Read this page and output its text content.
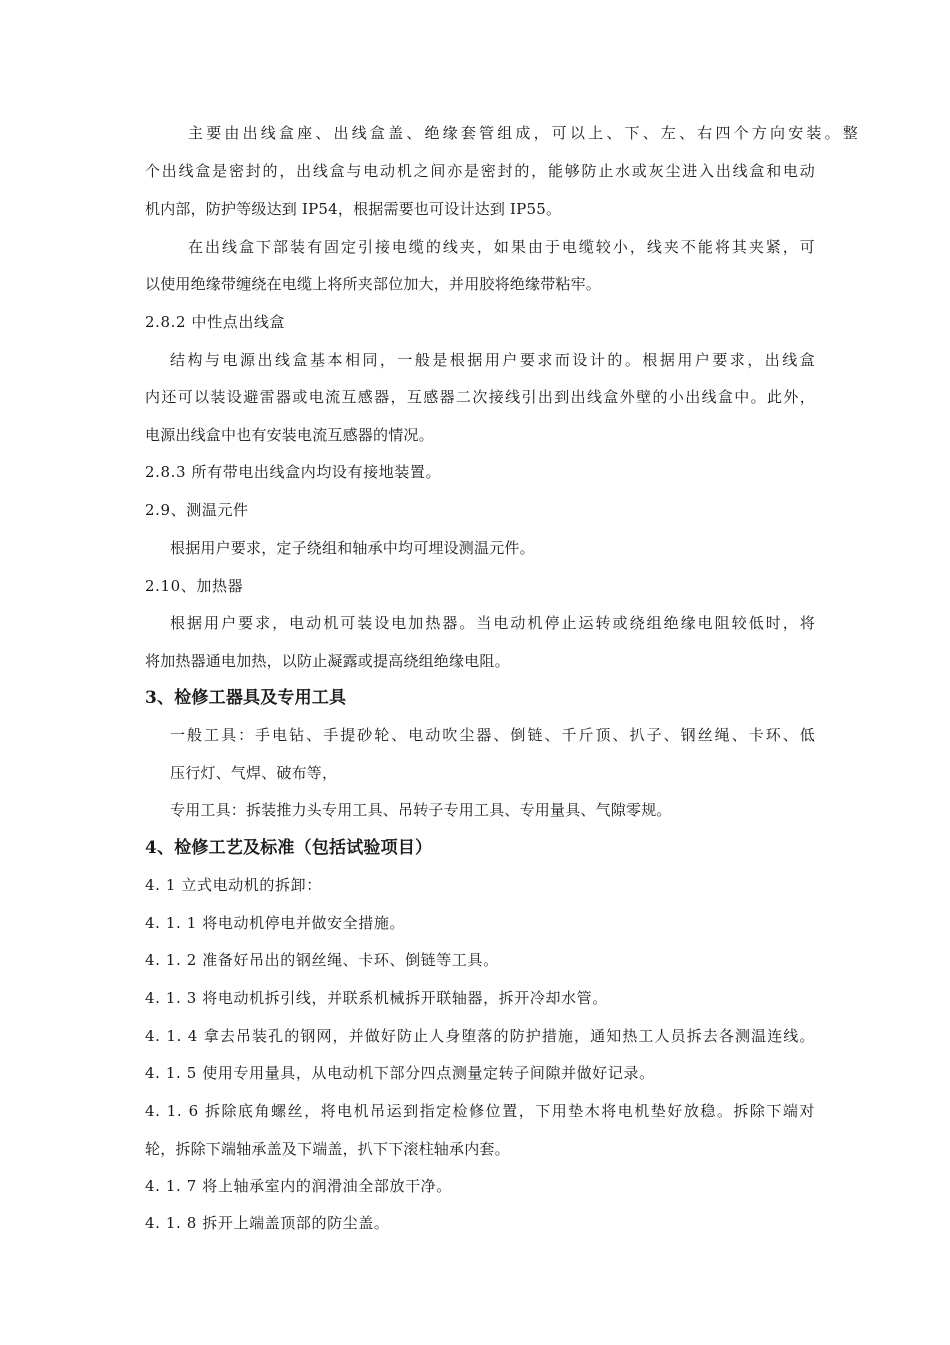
主要由出线盒座、出线盒盖、绝缘套管组成，可以上、下、左、右四个方向安装。整
个出线盒是密封的，出线盒与电动机之间亦是密封的，能够防止水或灰尘进入出线盒和电动
机内部，防护等级达到 IP54，根据需要也可设计达到 IP55。
在出线盒下部装有固定引接电缆的线夹，如果由于电缆较小，线夹不能将其夹紧，可
以使用绝缘带缠绕在电缆上将所夹部位加大，并用胶将绝缘带粘牢。
2.8.2 中性点出线盒
结构与电源出线盒基本相同，一般是根据用户要求而设计的。根据用户要求，出线盒
内还可以装设避雷器或电流互感器，互感器二次接线引出到出线盒外壁的小出线盒中。此外，
电源出线盒中也有安装电流互感器的情况。
2.8.3 所有带电出线盒内均设有接地装置。
2.9、测温元件
根据用户要求，定子绕组和轴承中均可埋设测温元件。
2.10、加热器
根据用户要求，电动机可装设电加热器。当电动机停止运转或绕组绝缘电阻较低时，将
将加热器通电加热，以防止凝露或提高绕组绝缘电阻。
3、检修工器具及专用工具
一般工具：手电钻、手提砂轮、电动吹尘器、倒链、千斤顶、扒子、钢丝绳、卡环、低
压行灯、气焊、破布等，
专用工具：拆装推力头专用工具、吊转子专用工具、专用量具、气隙零规。
4、检修工艺及标准（包括试验项目）
4. 1 立式电动机的拆卸：
4. 1. 1 将电动机停电并做安全措施。
4. 1. 2 准备好吊出的钢丝绳、卡环、倒链等工具。
4. 1. 3 将电动机拆引线，并联系机械拆开联轴器，拆开冷却水管。
4. 1. 4 拿去吊装孔的钢网，并做好防止人身堕落的防护措施，通知热工人员拆去各测温连线。
4. 1. 5 使用专用量具，从电动机下部分四点测量定转子间隙并做好记录。
4. 1. 6 拆除底角螺丝，将电机吊运到指定检修位置，下用垫木将电机垫好放稳。拆除下端对
轮，拆除下端轴承盖及下端盖，扒下下滚柱轴承内套。
4. 1. 7 将上轴承室内的润滑油全部放干净。
4. 1. 8 拆开上端盖顶部的防尘盖。
